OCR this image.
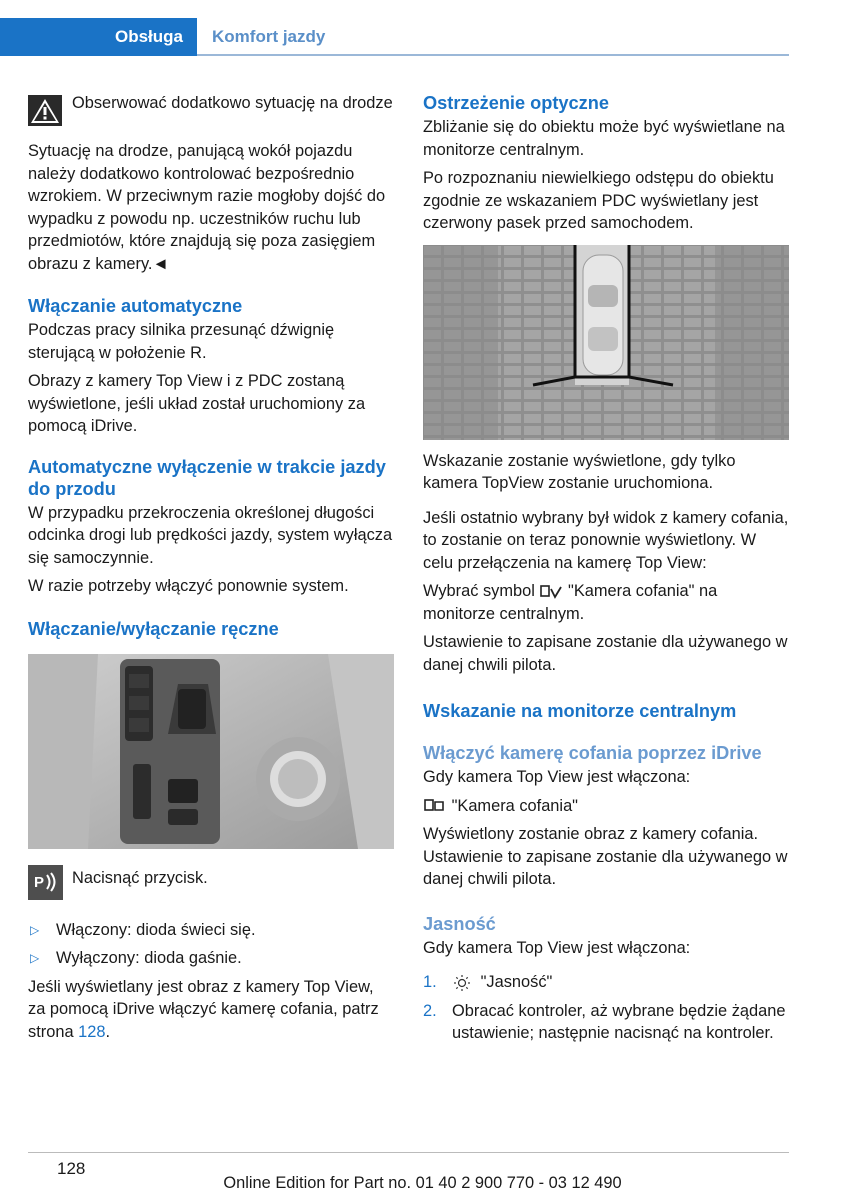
Obsługa Komfort jazdy
Obserwować dodatkowo sytuację na drodze

Sytuację na drodze, panującą wokół pojazdu należy dodatkowo kontrolować bezpośrednio wzrokiem. W przeciwnym razie mogłoby dojść do wypadku z powodu np. uczestników ruchu lub przedmiotów, które znajdują się poza zasięgiem obrazu z kamery.◄

Włączanie automatyczne

Podczas pracy silnika przesunąć dźwignię sterującą w położenie R.

Obrazy z kamery Top View i z PDC zostaną wyświetlone, jeśli układ został uruchomiony za pomocą iDrive.

Automatyczne wyłączenie w trakcie jazdy do przodu

W przypadku przekroczenia określonej długości odcinka drogi lub prędkości jazdy, system wyłącza się samoczynnie.

W razie potrzeby włączyć ponownie system.

Włączanie/wyłączanie ręczne
P Nacisnąć przycisk.
▷ Włączony: dioda świeci się.
▷ Wyłączony: dioda gaśnie.

Jeśli wyświetlany jest obraz z kamery Top View, za pomocą iDrive włączyć kamerę cofania, patrz strona 128.

Ostrzeżenie optyczne

Zbliżanie się do obiektu może być wyświetlane na monitorze centralnym.

Po rozpoznaniu niewielkiego odstępu do obiektu zgodnie ze wskazaniem PDC wyświetlany jest czerwony pasek przed samochodem.

Wskazanie zostanie wyświetlone, gdy tylko kamera TopView zostanie uruchomiona.

Jeśli ostatnio wybrany był widok z kamery cofania, to zostanie on teraz ponownie wyświetlony. W celu przełączenia na kamerę Top View:

Wybrać symbol "Kamera cofania" na monitorze centralnym.

Ustawienie to zapisane zostanie dla używanego w danej chwili pilota.

Wskazanie na monitorze centralnym
Włączyć kamerę cofania poprzez iDrive

Gdy kamera Top View jest włączona:

"Kamera cofania"

Wyświetlony zostanie obraz z kamery cofania. Ustawienie to zapisane zostanie dla używanego w danej chwili pilota.

Jasność

Gdy kamera Top View jest włączona:

1.	"Jasność"
2. Obracać kontroler, aż wybrane będzie żądane ustawienie; następnie nacisnąć na kontroler.
128
Online Edition for Part no. 01 40 2 900 770 - 03 12 490
